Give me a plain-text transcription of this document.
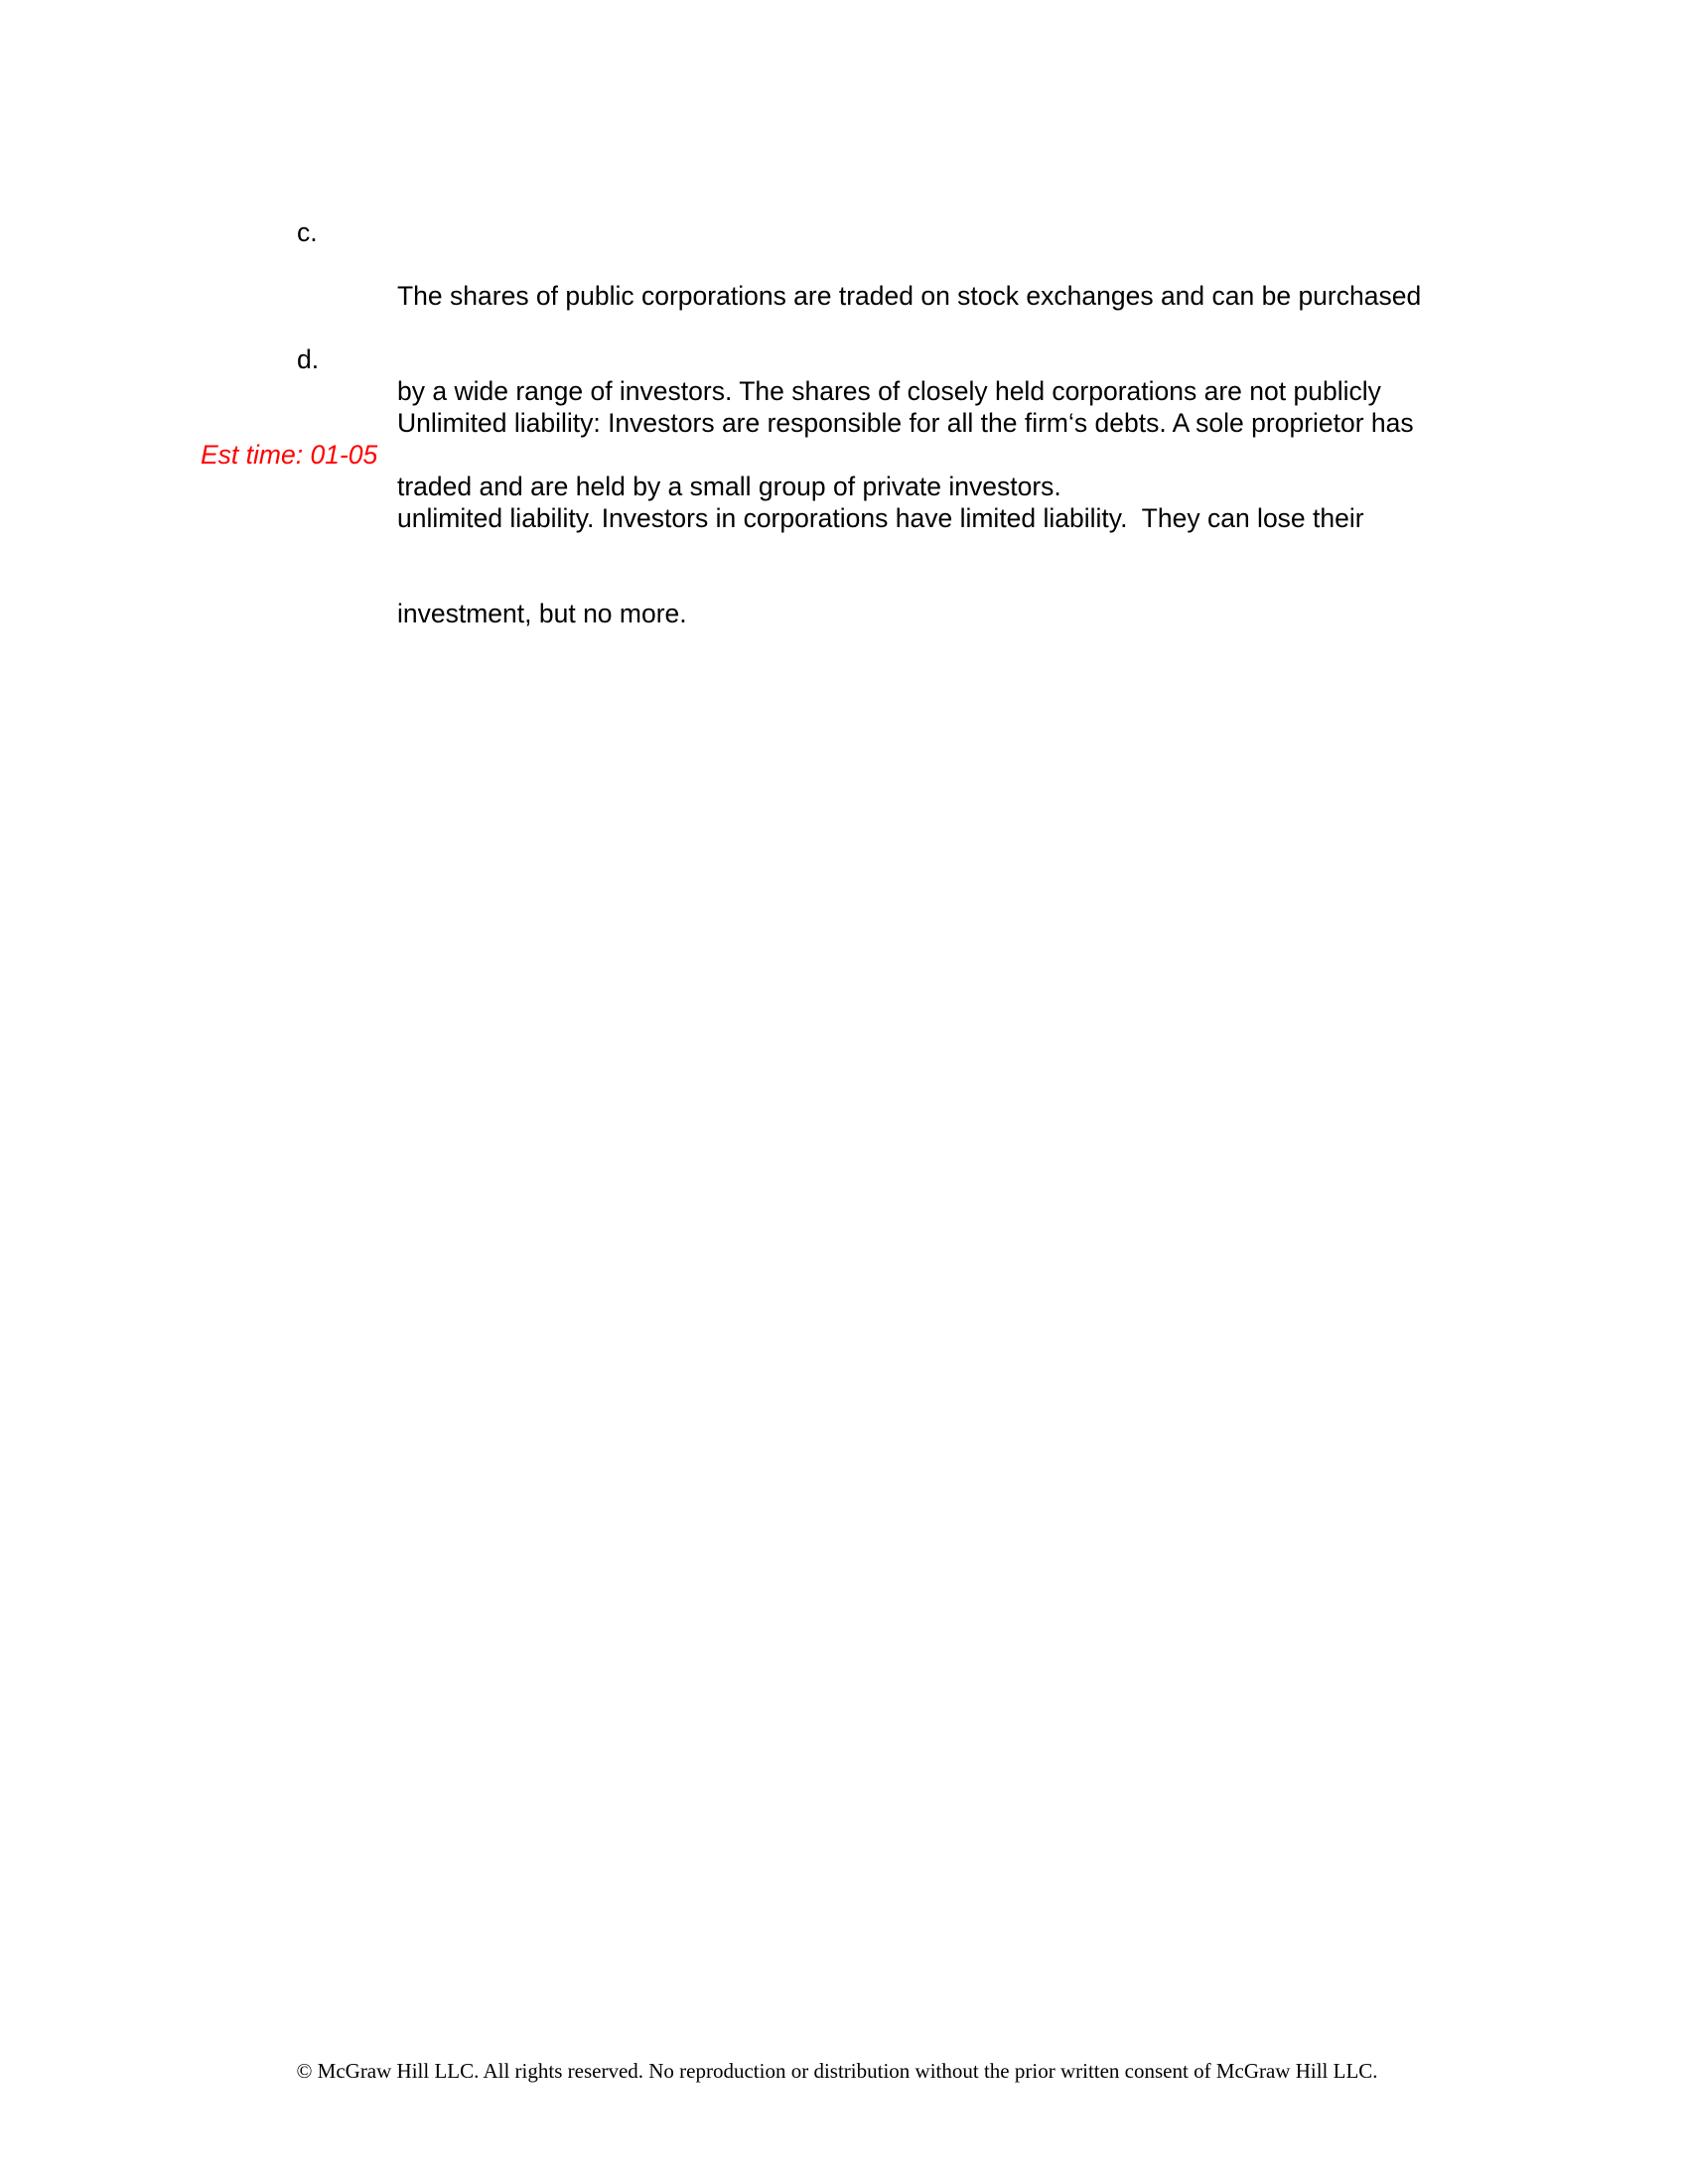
c.

The shares of public corporations are traded on stock exchanges and can be purchased

by a wide range of investors. The shares of closely held corporations are not publicly

traded and are held by a small group of private investors.

d.

Unlimited liability: Investors are responsible for all the firm‘s debts. A sole proprietor has

unlimited liability. Investors in corporations have limited liability.  They can lose their

investment, but no more.

Est time: 01-05
© McGraw Hill LLC. All rights reserved. No reproduction or distribution without the prior written consent of McGraw Hill LLC.
